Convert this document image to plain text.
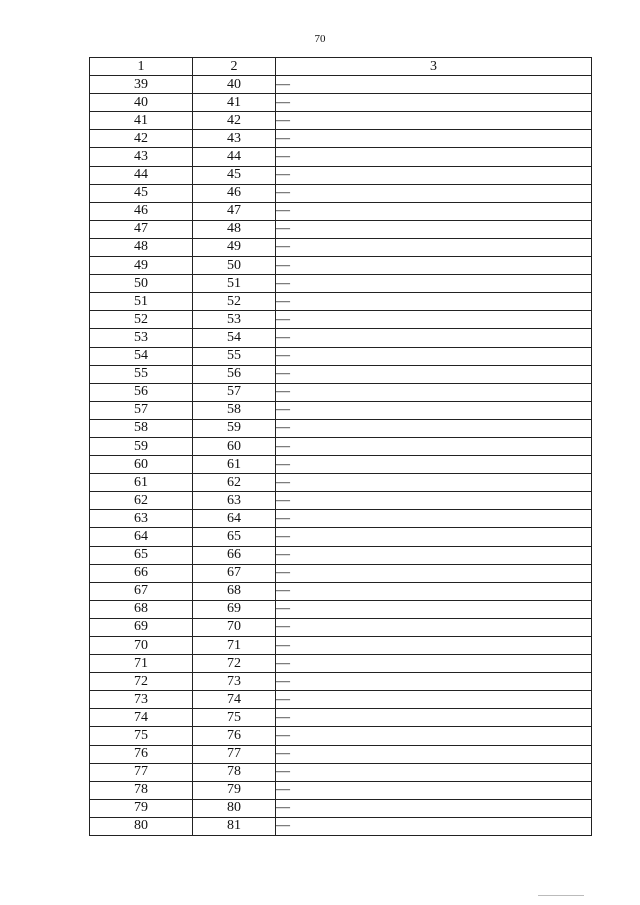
70
1	2	3
39	40	—
40	41	—
41	42	—
42	43	—
43	44	—
44	45	—
45	46	—
46	47	—
47	48	—
48	49	—
49	50	—
50	51	—
51	52	—
52	53	—
53	54	—
54	55	—
55	56	—
56	57	—
57	58	—
58	59	—
59	60	—
60	61	—
61	62	—
62	63	—
63	64	—
64	65	—
65	66	—
66	67	—
67	68	—
68	69	—
69	70	—
70	71	—
71	72	—
72	73	—
73	74	—
74	75	—
75	76	—
76	77	—
77	78	—
78	79	—
79	80	—
80	81	—
